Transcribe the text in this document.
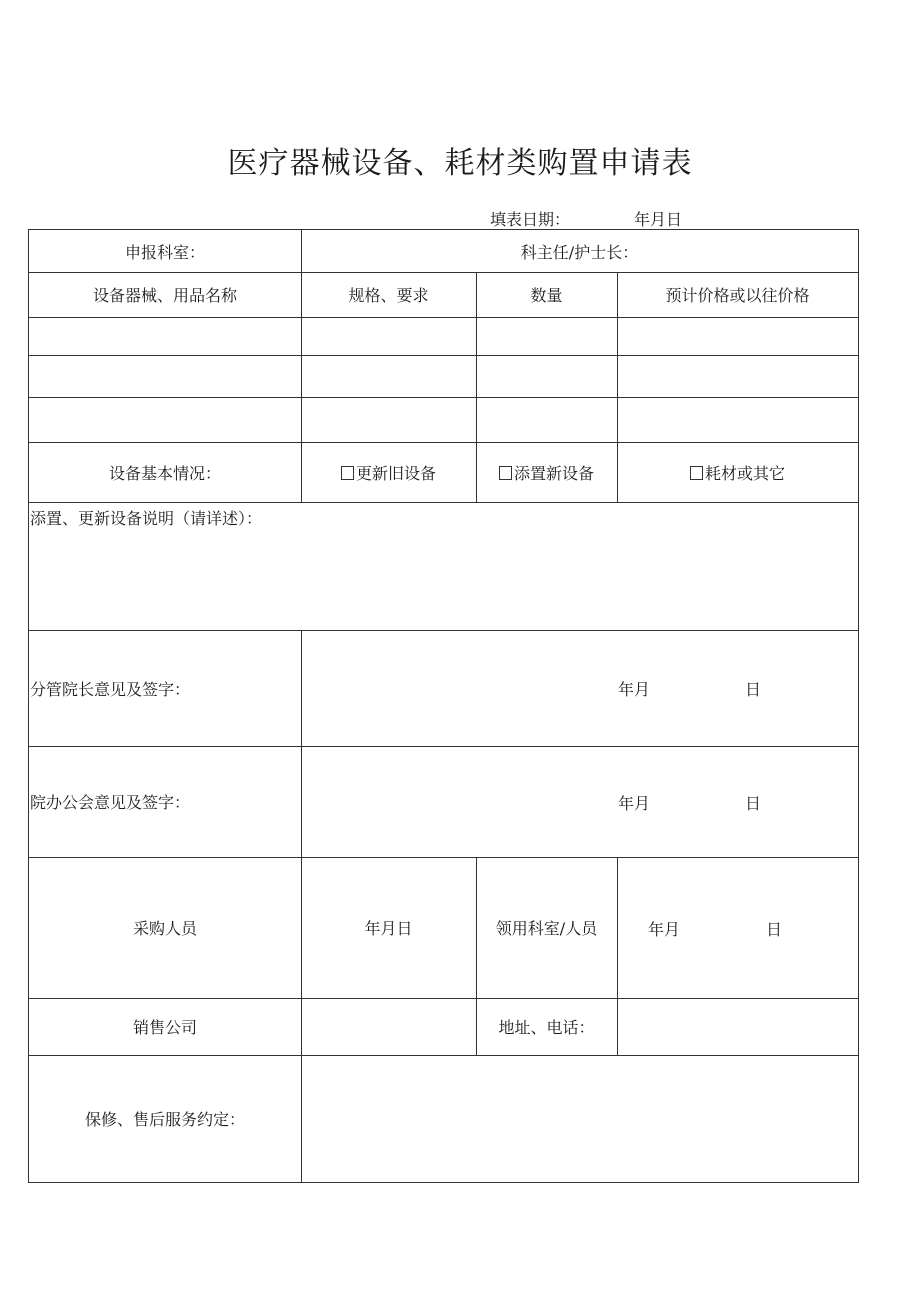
医疗器械设备、耗材类购置申请表
填表日期：	年月日
申报科室：	科主任/护士长：
设备器械、用品名称	规格、要求	数量	预计价格或以往价格
设备基本情况：	更新旧设备	添置新设备	耗材或其它
添置、更新设备说明（请详述）：
分管院长意见及签字：	年月	日
院办公会意见及签字：	年月	日
采购人员	年月日	领用科室/人员	年月	日
销售公司	地址、电话：
保修、售后服务约定：
